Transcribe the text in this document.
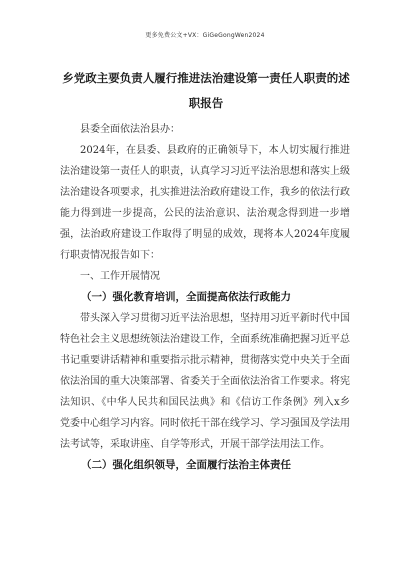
更多免费公文+VX：GiGeGongWen2024
乡党政主要负责人履行推进法治建设第一责任人职责的述职报告

县委全面依法治县办：

2024年，在县委、县政府的正确领导下，本人切实履行推进法治建设第一责任人的职责，认真学习习近平法治思想和落实上级法治建设各项要求，扎实推进法治政府建设工作，我乡的依法行政能力得到进一步提高，公民的法治意识、法治观念得到进一步增强，法治政府建设工作取得了明显的成效，现将本人2024年度履行职责情况报告如下：

一、工作开展情况

（一）强化教育培训，全面提高依法行政能力

带头深入学习贯彻习近平法治思想，坚持用习近平新时代中国特色社会主义思想统领法治建设工作，全面系统准确把握习近平总书记重要讲话精神和重要指示批示精神，贯彻落实党中央关于全面依法治国的重大决策部署、省委关于全面依法治省工作要求。将宪法知识、《中华人民共和国民法典》和《信访工作条例》列入x乡党委中心组学习内容。同时依托干部在线学习、学习强国及学法用法考试等，采取讲座、自学等形式，开展干部学法用法工作。

（二）强化组织领导，全面履行法治主体责任
